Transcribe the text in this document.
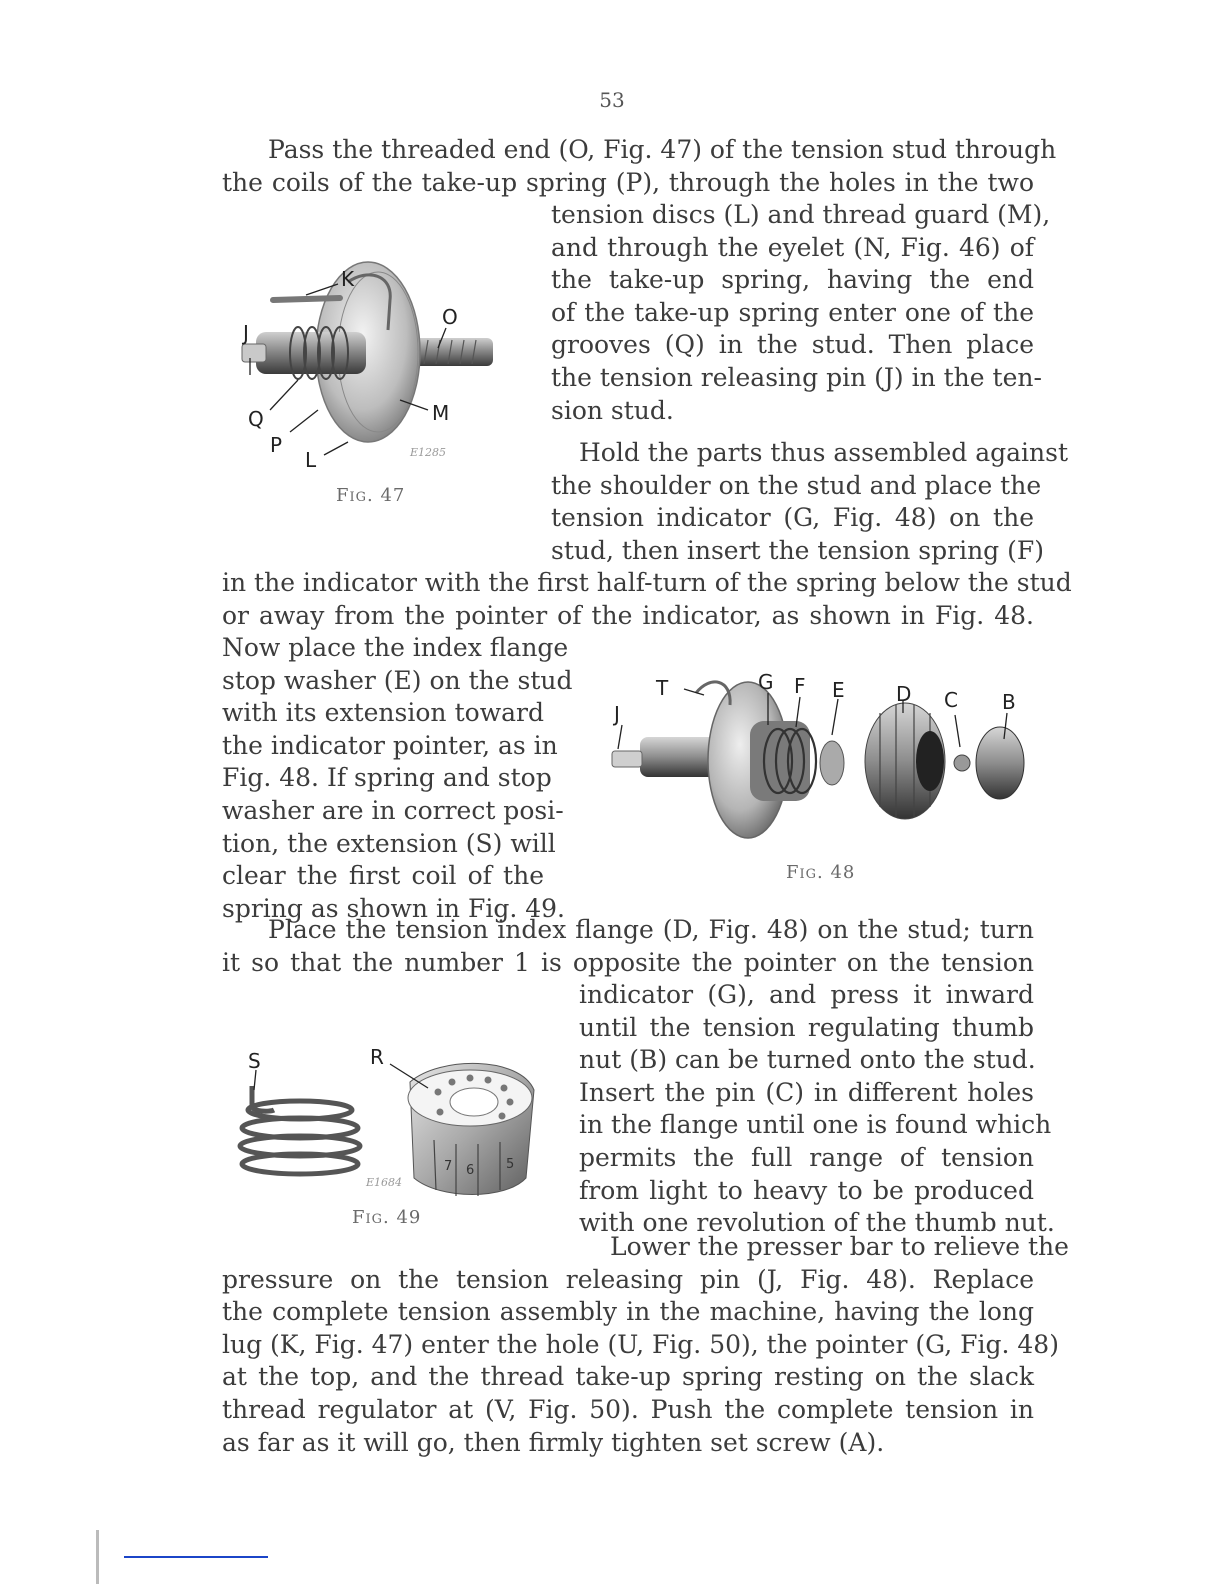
53
Pass the threaded end (O, Fig. 47) of the tension stud through
the coils of the take-up spring (P), through the holes in the two
tension discs (L) and thread guard (M),
and through the eyelet (N, Fig. 46) of
the take-up spring, having the end
of the take-up spring enter one of the
grooves (Q) in the stud. Then place
the tension releasing pin (J) in the ten-
sion stud.
K
J
O
Q	M
P
L	E1285
Fig. 47
Hold the parts thus assembled against
the shoulder on the stud and place the
tension indicator (G, Fig. 48) on the
stud, then insert the tension spring (F)
in the indicator with the first half-turn of the spring below the stud
or away from the pointer of the indicator, as shown in Fig. 48.
Now place the index flange
stop washer (E) on the stud
with its extension toward
the indicator pointer, as in
Fig. 48. If spring and stop
washer are in correct posi-
tion, the extension (S) will
clear the first coil of the
spring as shown in Fig. 49.
T	G F E	D C B
J
Fig. 48
Place the tension index flange (D, Fig. 48) on the stud; turn
it so that the number 1 is opposite the pointer on the tension
indicator (G), and press it inward
until the tension regulating thumb
nut (B) can be turned onto the stud.
Insert the pin (C) in different holes
in the flange until one is found which
permits the full range of tension
from light to heavy to be produced
with one revolution of the thumb nut.
7 6 5
S	R
E1684
Fig. 49
Lower the presser bar to relieve the
pressure on the tension releasing pin (J, Fig. 48). Replace
the complete tension assembly in the machine, having the long
lug (K, Fig. 47) enter the hole (U, Fig. 50), the pointer (G, Fig. 48)
at the top, and the thread take-up spring resting on the slack
thread regulator at (V, Fig. 50). Push the complete tension in
as far as it will go, then firmly tighten set screw (A).
